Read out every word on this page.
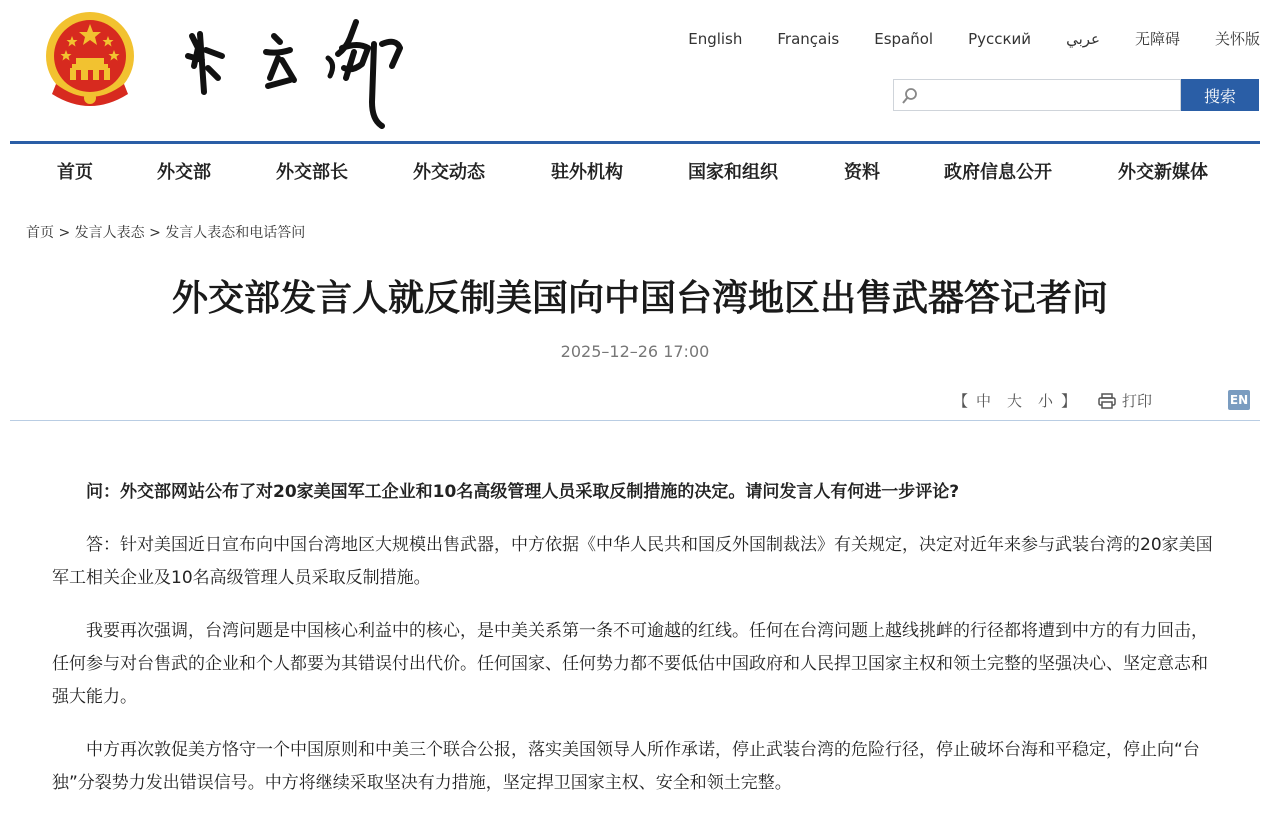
English Français Español Русский عربي 无障碍 关怀版
搜索
首页	外交部	外交部长	外交动态	驻外机构	国家和组织	资料	政府信息公开	外交新媒体
首页 > 发言人表态 > 发言人表态和电话答问
外交部发言人就反制美国向中国台湾地区出售武器答记者问
2025–12–26 17:00
【 中 大 小 】	打印	EN

问：外交部网站公布了对20家美国军工企业和10名高级管理人员采取反制措施的决定。请问发言人有何进一步评论?

答：针对美国近日宣布向中国台湾地区大规模出售武器，中方依据《中华人民共和国反外国制裁法》有关规定，决定对近年来参与武装台湾的20家美国军工相关企业及10名高级管理人员采取反制措施。

我要再次强调，台湾问题是中国核心利益中的核心，是中美关系第一条不可逾越的红线。任何在台湾问题上越线挑衅的行径都将遭到中方的有力回击，任何参与对台售武的企业和个人都要为其错误付出代价。任何国家、任何势力都不要低估中国政府和人民捍卫国家主权和领土完整的坚强决心、坚定意志和强大能力。

中方再次敦促美方恪守一个中国原则和中美三个联合公报，落实美国领导人所作承诺，停止武装台湾的危险行径，停止破坏台海和平稳定，停止向“台独”分裂势力发出错误信号。中方将继续采取坚决有力措施，坚定捍卫国家主权、安全和领土完整。
